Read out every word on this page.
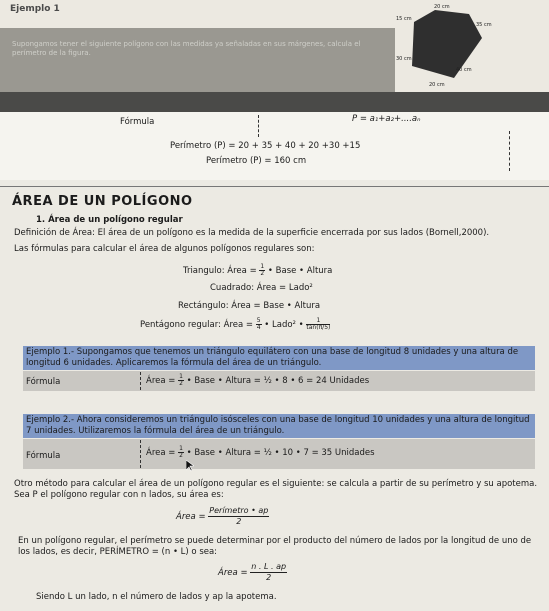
Ejemplo 1
Supongamos tener el siguiente polígono con las medidas ya señaladas en sus márgenes, calcula el perímetro de la figura.
20 cm
15 cm
35 cm
30 cm
40 cm
20 cm
Fórmula	P = a₁+a₂+....aₙ
Perímetro (P) = 20 + 35 + 40 + 20 +30 +15
Perímetro (P) = 160 cm
ÁREA DE UN POLÍGONO
1. Área de un polígono regular
Definición de Área: El área de un polígono es la medida de la superficie encerrada por sus lados (Bornell,2000).
Las fórmulas para calcular el área de algunos polígonos regulares son:
Triangulo: Área = $\frac{1}{2}$ • Base • Altura
Cuadrado: Área = Lado²
Rectángulo: Área = Base • Altura
Pentágono regular: Área = $\frac{5}{4}$ • Lado² • $\frac{1}{\tan(\pi/5)}$
Ejemplo 1.- Supongamos que tenemos un triángulo equilátero con una base de longitud 8 unidades y una altura de longitud 6 unidades. Aplicaremos la fórmula del área de un triángulo.
Fórmula	Área = $\frac{1}{2}$ • Base • Altura = ½ • 8 • 6 = 24 Unidades
Ejemplo 2.- Ahora consideremos un triángulo isósceles con una base de longitud 10 unidades y una altura de longitud 7 unidades. Utilizaremos la fórmula del área de un triángulo.
Fórmula	Área = $\frac{1}{2}$ • Base • Altura = ½ • 10 • 7 = 35 Unidades
Otro método para calcular el área de un polígono regular es el siguiente: se calcula a partir de su perímetro y su apotema. Sea P el polígono regular con n lados, su área es:
Área = $\frac{\text{Perímetro • ap}}{2}$
En un polígono regular, el perímetro se puede determinar por el producto del número de lados por la longitud de uno de los lados, es decir, PERÍMETRO = (n • L) o sea:
Área = $\frac{n . L . ap}{2}$
Siendo L un lado, n el número de lados y ap la apotema.
